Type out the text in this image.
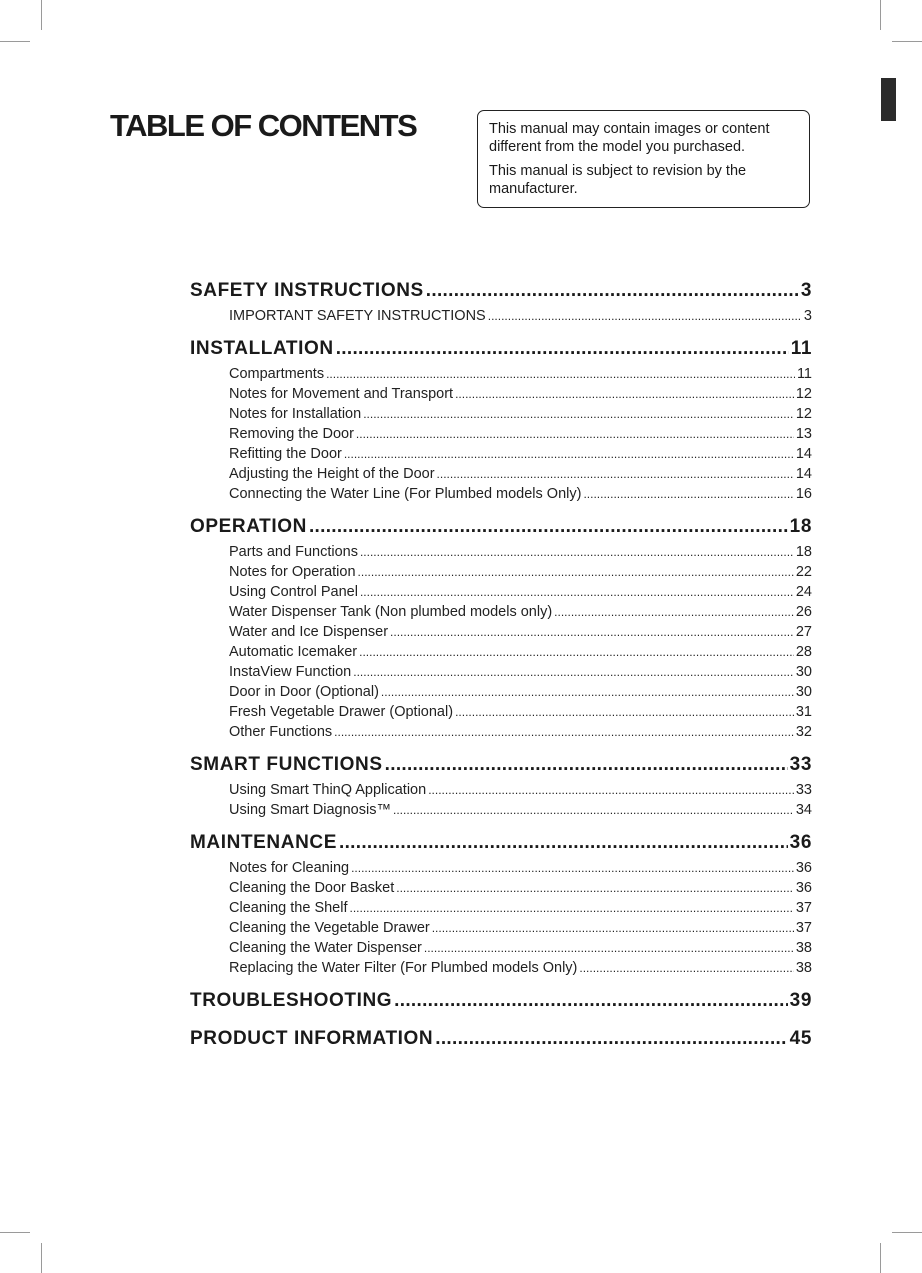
TABLE OF CONTENTS	This manual may contain images or content different from the model you purchased.

This manual is subject to revision by the manufacturer.

SAFETY INSTRUCTIONS .....	3
IMPORTANT SAFETY INSTRUCTIONS .....	3
INSTALLATION .....	11
Compartments .....	11
Notes for Movement and Transport .....	12
Notes for Installation .....	12
Removing the Door .....	13
Refitting the Door .....	14
Adjusting the Height of the Door .....	14
Connecting the Water Line (For Plumbed models Only) .....	16
OPERATION .....	18
Parts and Functions .....	18
Notes for Operation .....	22
Using Control Panel .....	24
Water Dispenser Tank (Non plumbed models only) .....	26
Water and Ice Dispenser .....	27
Automatic Icemaker .....	28
InstaView Function .....	30
Door in Door (Optional) .....	30
Fresh Vegetable Drawer (Optional) .....	31
Other Functions .....	32
SMART FUNCTIONS .....	33
Using Smart ThinQ Application .....	33
Using Smart Diagnosis™ .....	34
MAINTENANCE .....	36
Notes for Cleaning .....	36
Cleaning the Door Basket .....	36
Cleaning the Shelf .....	37
Cleaning the Vegetable Drawer .....	37
Cleaning the Water Dispenser .....	38
Replacing the Water Filter (For Plumbed models Only) .....	38
TROUBLESHOOTING .....	39
PRODUCT INFORMATION .....	45
